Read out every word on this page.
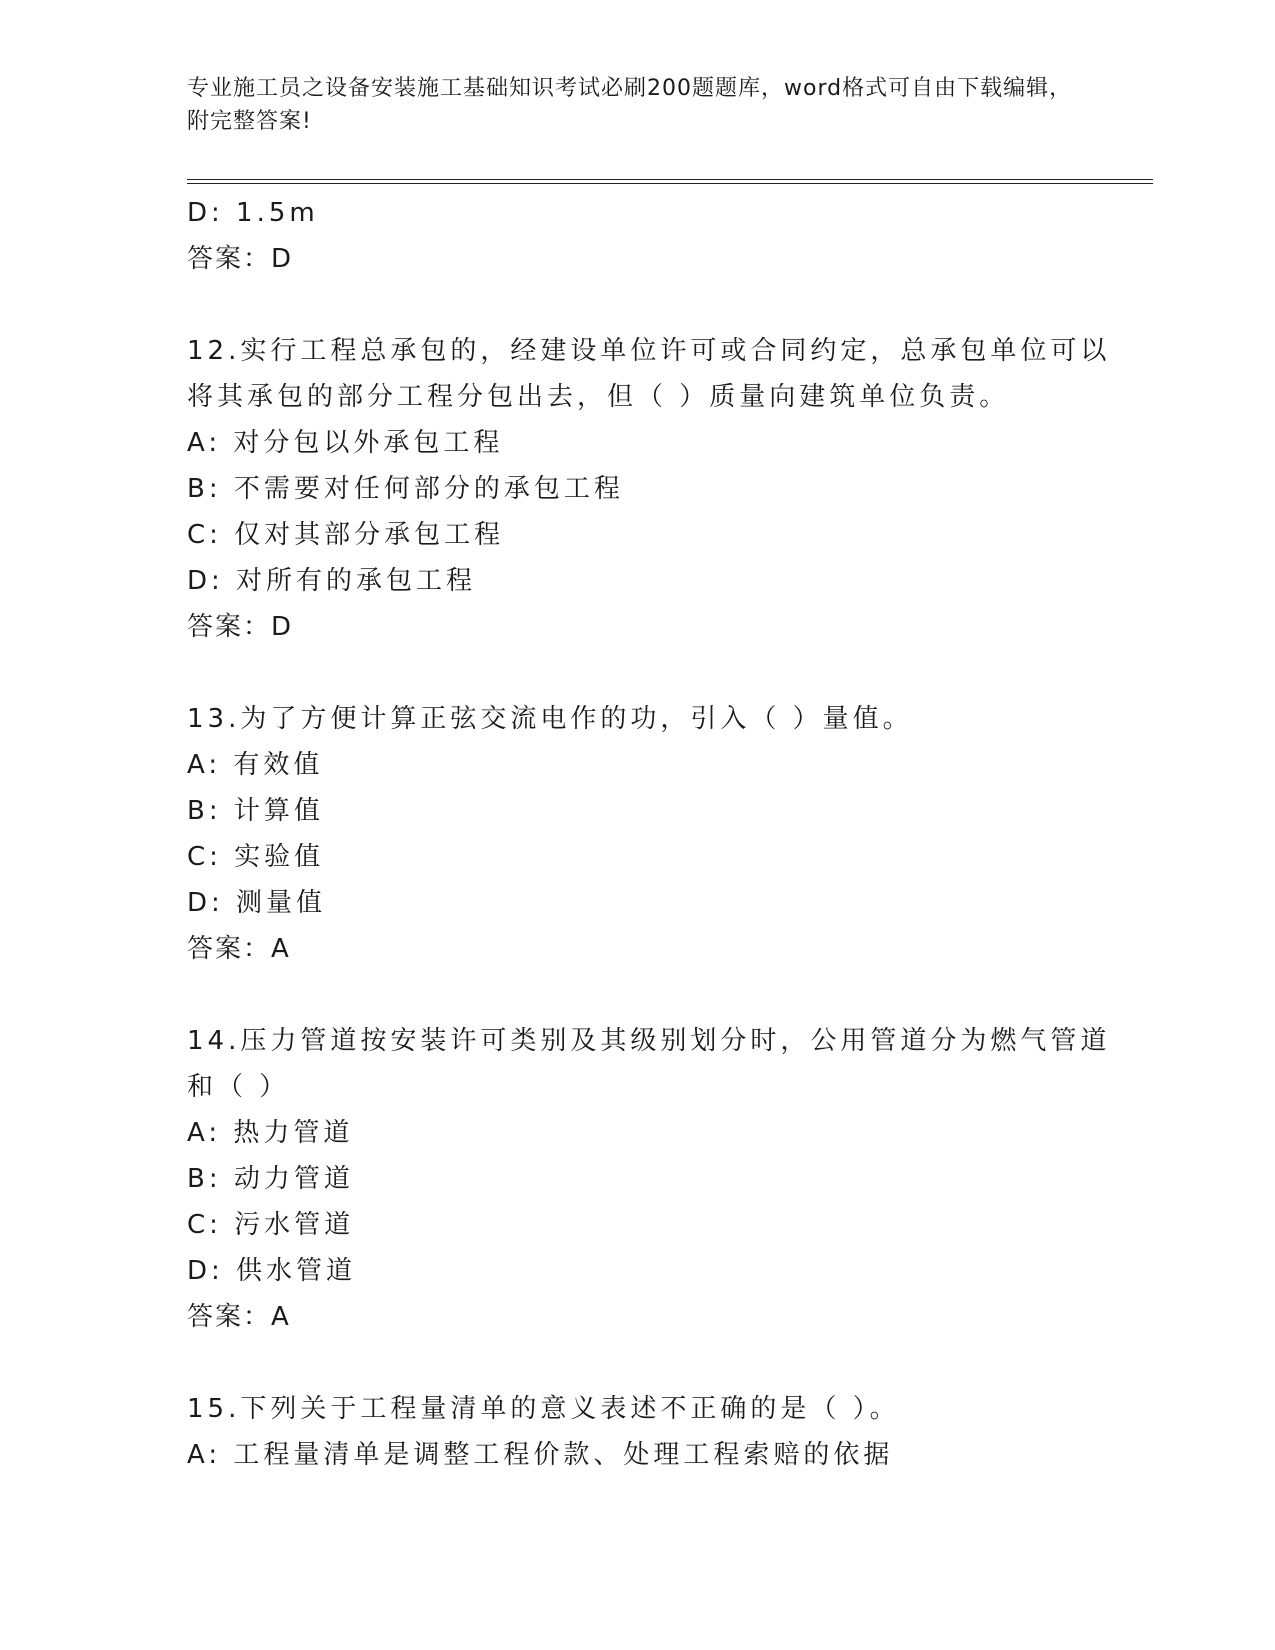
专业施工员之设备安装施工基础知识考试必刷200题题库，word格式可自由下载编辑，附完整答案!
D: 1.5m
答案：D
12.实行工程总承包的，经建设单位许可或合同约定，总承包单位可以
将其承包的部分工程分包出去，但（ ）质量向建筑单位负责。
A: 对分包以外承包工程
B: 不需要对任何部分的承包工程
C: 仅对其部分承包工程
D: 对所有的承包工程
答案：D
13.为了方便计算正弦交流电作的功，引入（ ）量值。
A: 有效值
B: 计算值
C: 实验值
D: 测量值
答案：A
14.压力管道按安装许可类别及其级别划分时，公用管道分为燃气管道
和（ ）
A: 热力管道
B: 动力管道
C: 污水管道
D: 供水管道
答案：A
15.下列关于工程量清单的意义表述不正确的是（ ）。
A: 工程量清单是调整工程价款、处理工程索赔的依据
